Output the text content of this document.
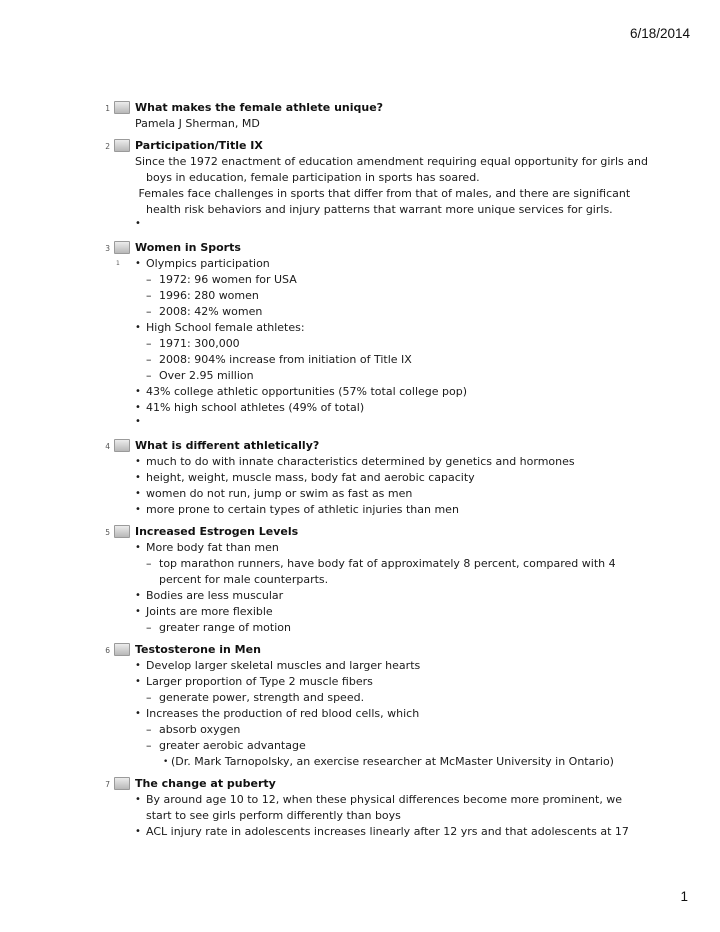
6/18/2014
1 What makes the female athlete unique?
Pamela J Sherman, MD
2 Participation/Title IX
Since the 1972 enactment of education amendment requiring equal opportunity for girls and
boys in education, female participation in sports has soared.
Females face challenges in sports that differ from that of males, and there are significant
health risk behaviors and injury patterns that warrant more unique services for girls.
•
3 Women in Sports
1
•	Olympics participation
– 1972: 96 women for USA
– 1996: 280 women
– 2008: 42% women
• High School female athletes:
– 1971: 300,000
– 2008: 904% increase from initiation of Title IX
– Over 2.95 million
• 43% college athletic opportunities (57% total college pop)
• 41% high school athletes (49% of total)
•
4 What is different athletically?
• much to do with innate characteristics determined by genetics and hormones
• height, weight, muscle mass, body fat and aerobic capacity
• women do not run, jump or swim as fast as men
• more prone to certain types of athletic injuries than men
5 Increased Estrogen Levels
• More body fat than men
– top marathon runners, have body fat of approximately 8 percent, compared with 4
percent for male counterparts.
• Bodies are less muscular
• Joints are more flexible
– greater range of motion
6 Testosterone in Men
• Develop larger skeletal muscles and larger hearts
• Larger proportion of Type 2 muscle fibers
– generate power, strength and speed.
• Increases the production of red blood cells, which
– absorb oxygen
– greater aerobic advantage
• (Dr. Mark Tarnopolsky, an exercise researcher at McMaster University in Ontario)
7 The change at puberty
• By around age 10 to 12, when these physical differences become more prominent, we
start to see girls perform differently than boys
• ACL injury rate in adolescents increases linearly after 12 yrs and that adolescents at 17
1
